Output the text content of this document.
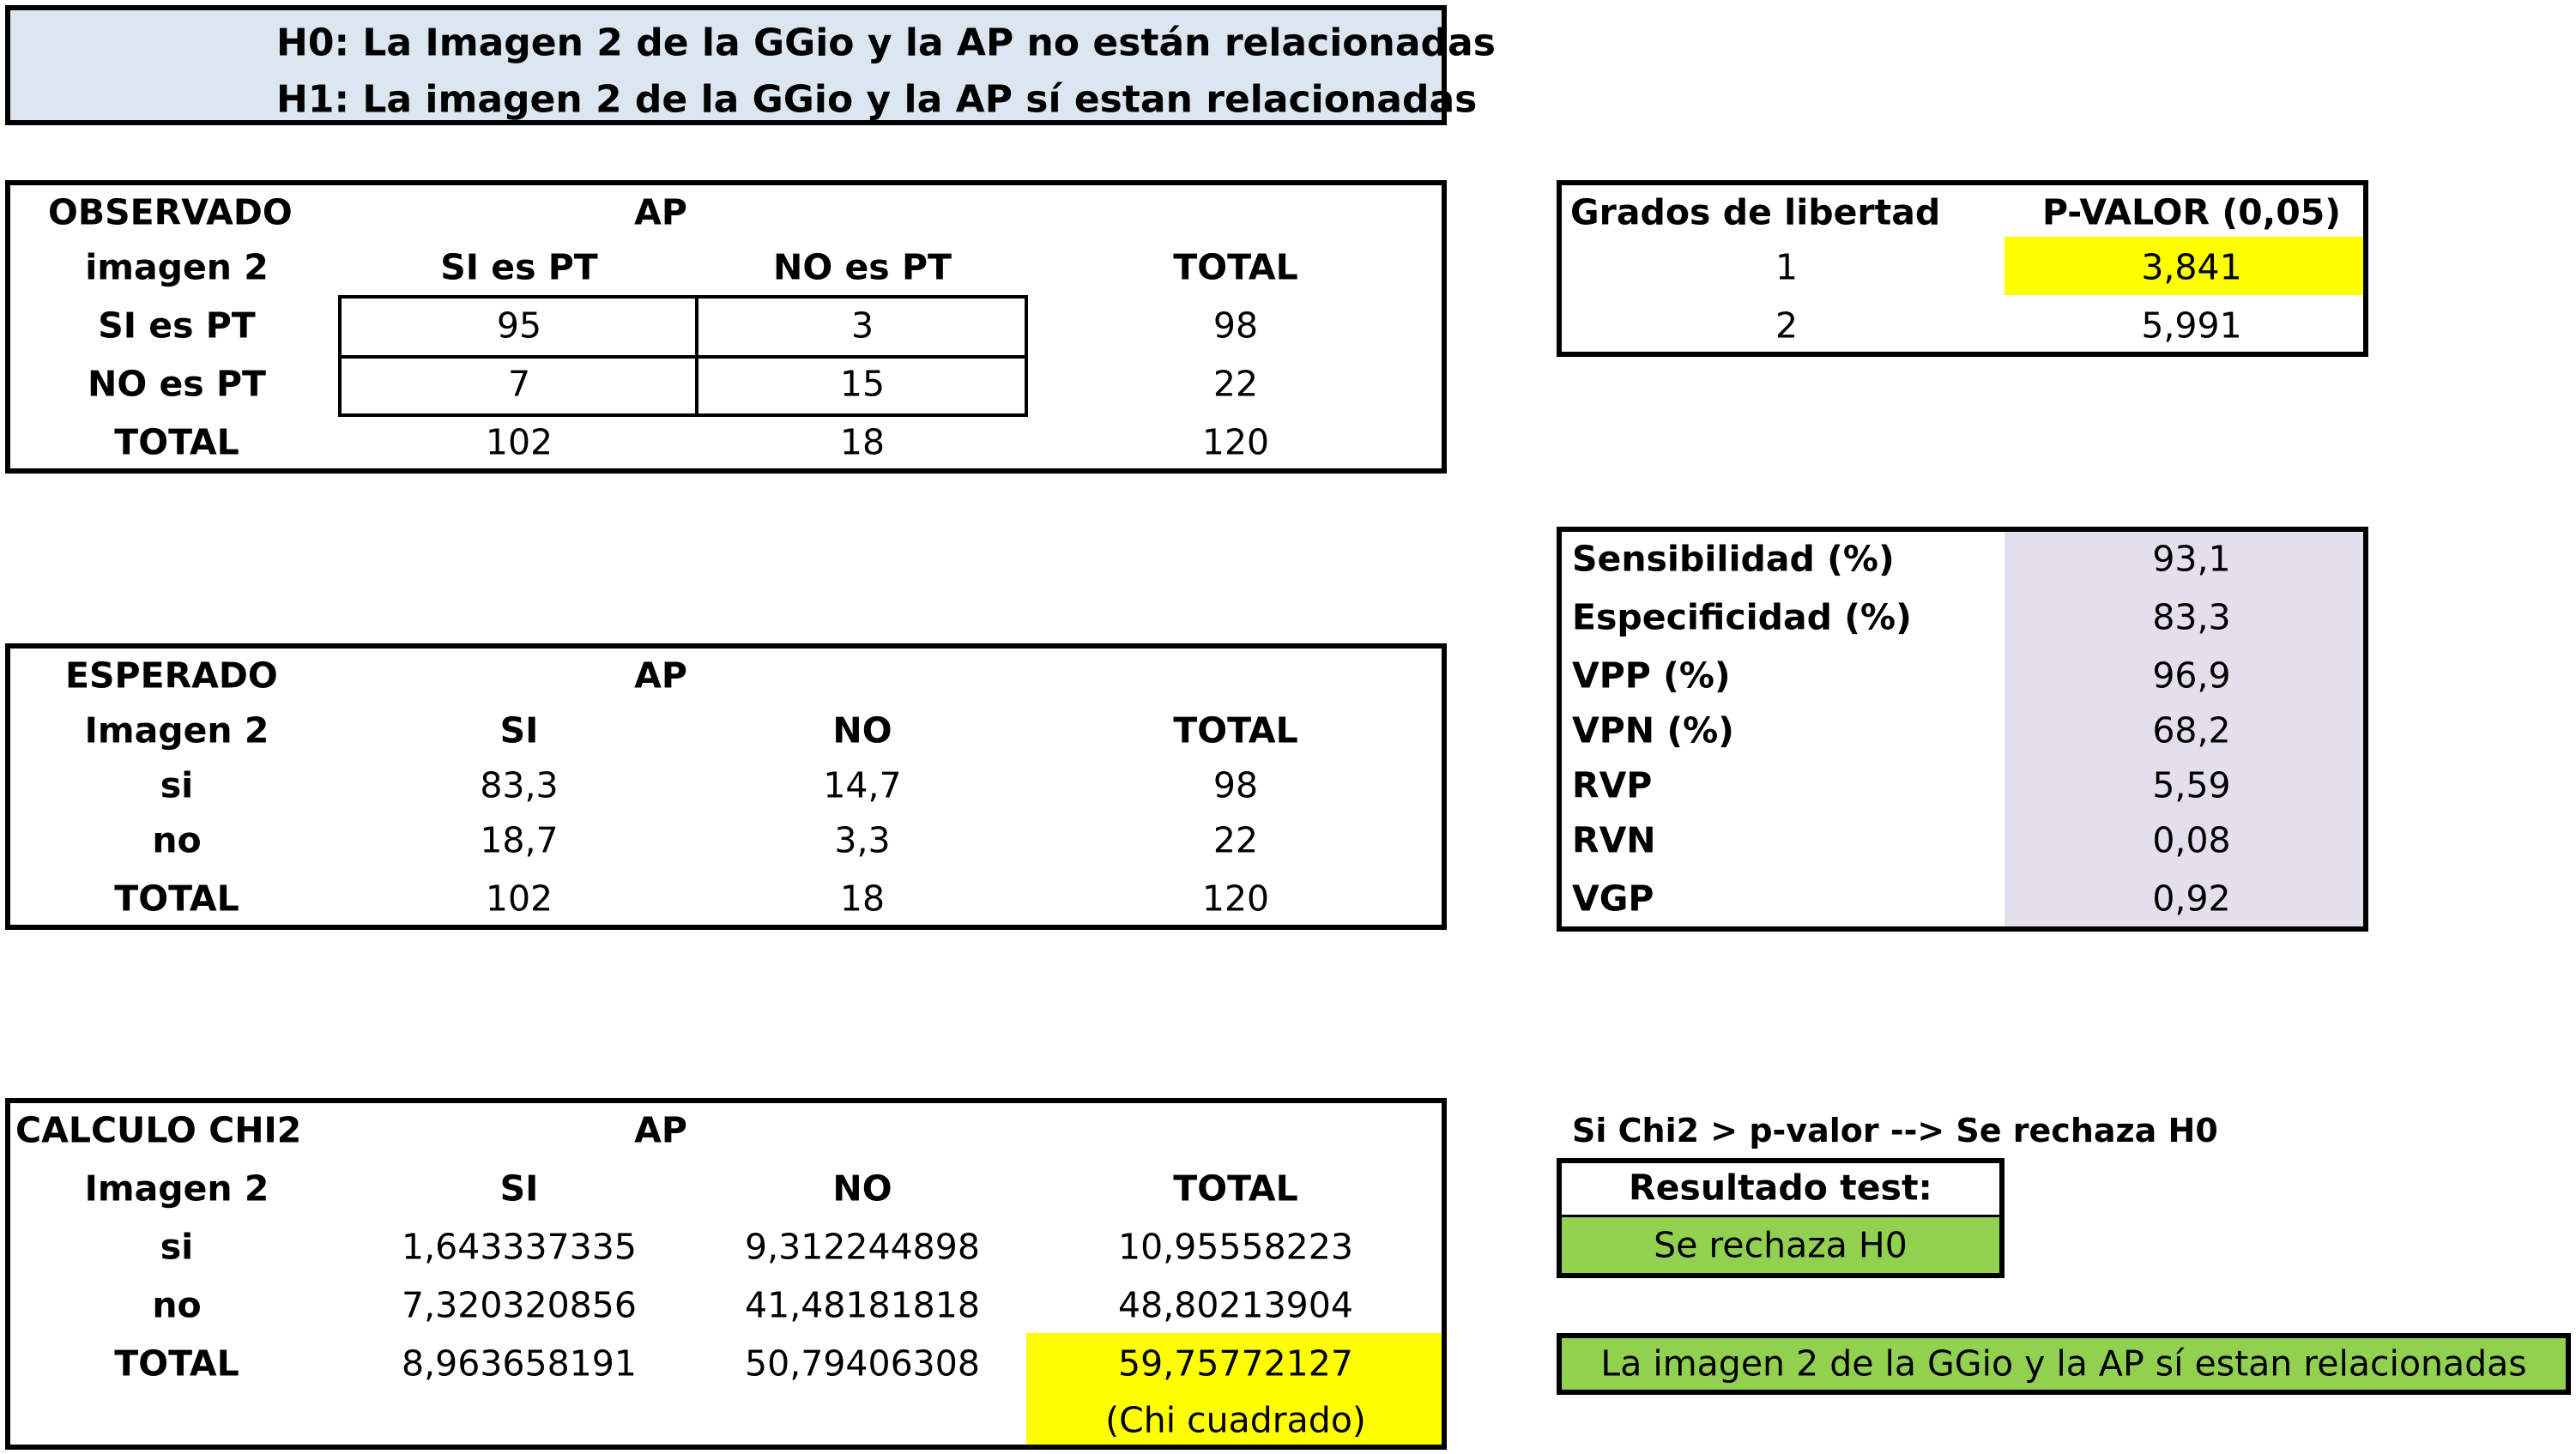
H0: La Imagen 2 de la GGio y la AP no están relacionadas
H1: La imagen 2 de la GGio y la AP sí estan relacionadas
OBSERVADO	AP
imagen 2	SI es PT	NO es PT	TOTAL
SI es PT	95	3	98
NO es PT	7	15	22
TOTAL	102	18	120
ESPERADO	AP
Imagen 2	SI	NO	TOTAL
si	83,3	14,7	98
no	18,7	3,3	22
TOTAL	102	18	120
CALCULO CHI2	AP
Imagen 2	SI	NO	TOTAL
si	1,643337335	9,312244898	10,95558223
no	7,320320856	41,48181818	48,80213904
TOTAL	8,963658191	50,79406308	59,75772127
(Chi cuadrado)
Grados de libertad	P-VALOR (0,05)
1	3,841
2	5,991
Sensibilidad (%)	93,1
Especificidad (%)	83,3
VPP (%)	96,9
VPN (%)	68,2
RVP	5,59
RVN	0,08
VGP	0,92
Si Chi2 > p-valor --> Se rechaza H0
Resultado test:
Se rechaza H0
La imagen 2 de la GGio y la AP sí estan relacionadas
